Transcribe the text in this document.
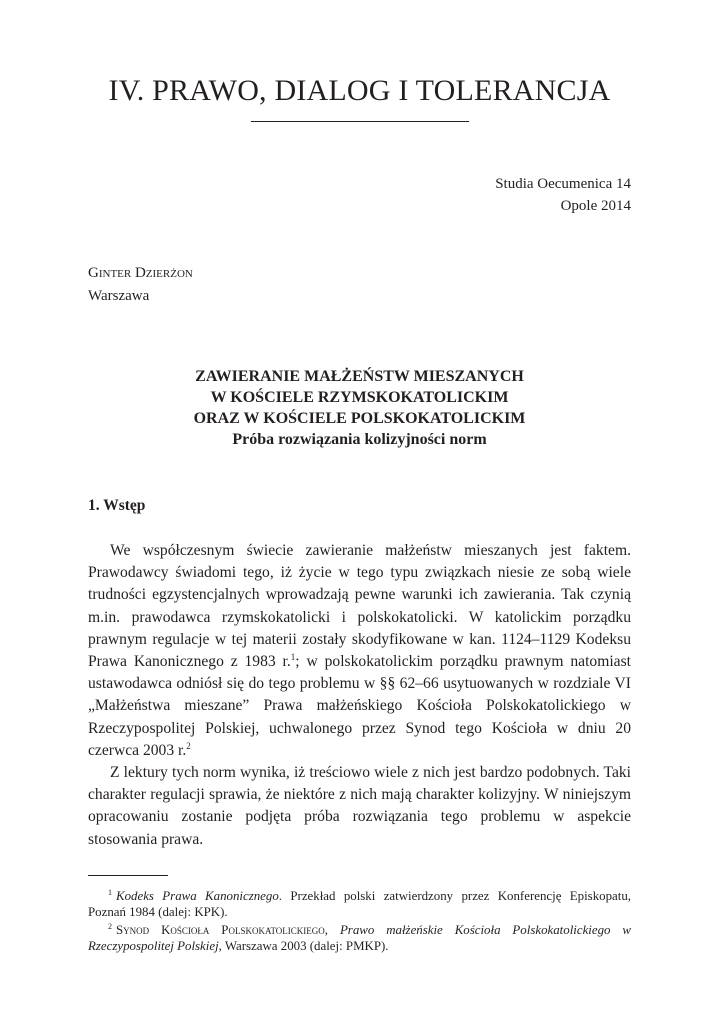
IV. PRAWO, DIALOG I TOLERANCJA
Studia Oecumenica 14
Opole 2014
Ginter Dzierżon
Warszawa
ZAWIERANIE MAŁŻEŃSTW MIESZANYCH
W KOŚCIELE RZYMSKOKATOLICKIM
ORAZ W KOŚCIELE POLSKOKATOLICKIM
Próba rozwiązania kolizyjności norm
1. Wstęp

We współczesnym świecie zawieranie małżeństw mieszanych jest faktem. Prawodawcy świadomi tego, iż życie w tego typu związkach niesie ze sobą wiele trudności egzystencjalnych wprowadzają pewne warunki ich zawierania. Tak czynią m.in. prawodawca rzymskokatolicki i polskokatolicki. W katolickim porządku prawnym regulacje w tej materii zostały skodyfikowane w kan. 1124–1129 Kodeksu Prawa Kanonicznego z 1983 r.$^1$; w polskokatolickim porządku prawnym natomiast ustawodawca odniósł się do tego problemu w §§ 62–66 usytuowanych w rozdziale VI „Małżeństwa mieszane” Prawa małżeńskiego Kościoła Polskokatolickiego w Rzeczypospolitej Polskiej, uchwalonego przez Synod tego Kościoła w dniu 20 czerwca 2003 r.$^2$

Z lektury tych norm wynika, iż treściowo wiele z nich jest bardzo podobnych. Taki charakter regulacji sprawia, że niektóre z nich mają charakter kolizyjny. W niniejszym opracowaniu zostanie podjęta próba rozwiązania tego problemu w aspekcie stosowania prawa.

$^1$ Kodeks Prawa Kanonicznego. Przekład polski zatwierdzony przez Konferencję Episkopatu, Poznań 1984 (dalej: KPK).

$^2$ Synod Kościoła Polskokatolickiego, Prawo małżeńskie Kościoła Polskokatolickiego w Rzeczypospolitej Polskiej, Warszawa 2003 (dalej: PMKP).
